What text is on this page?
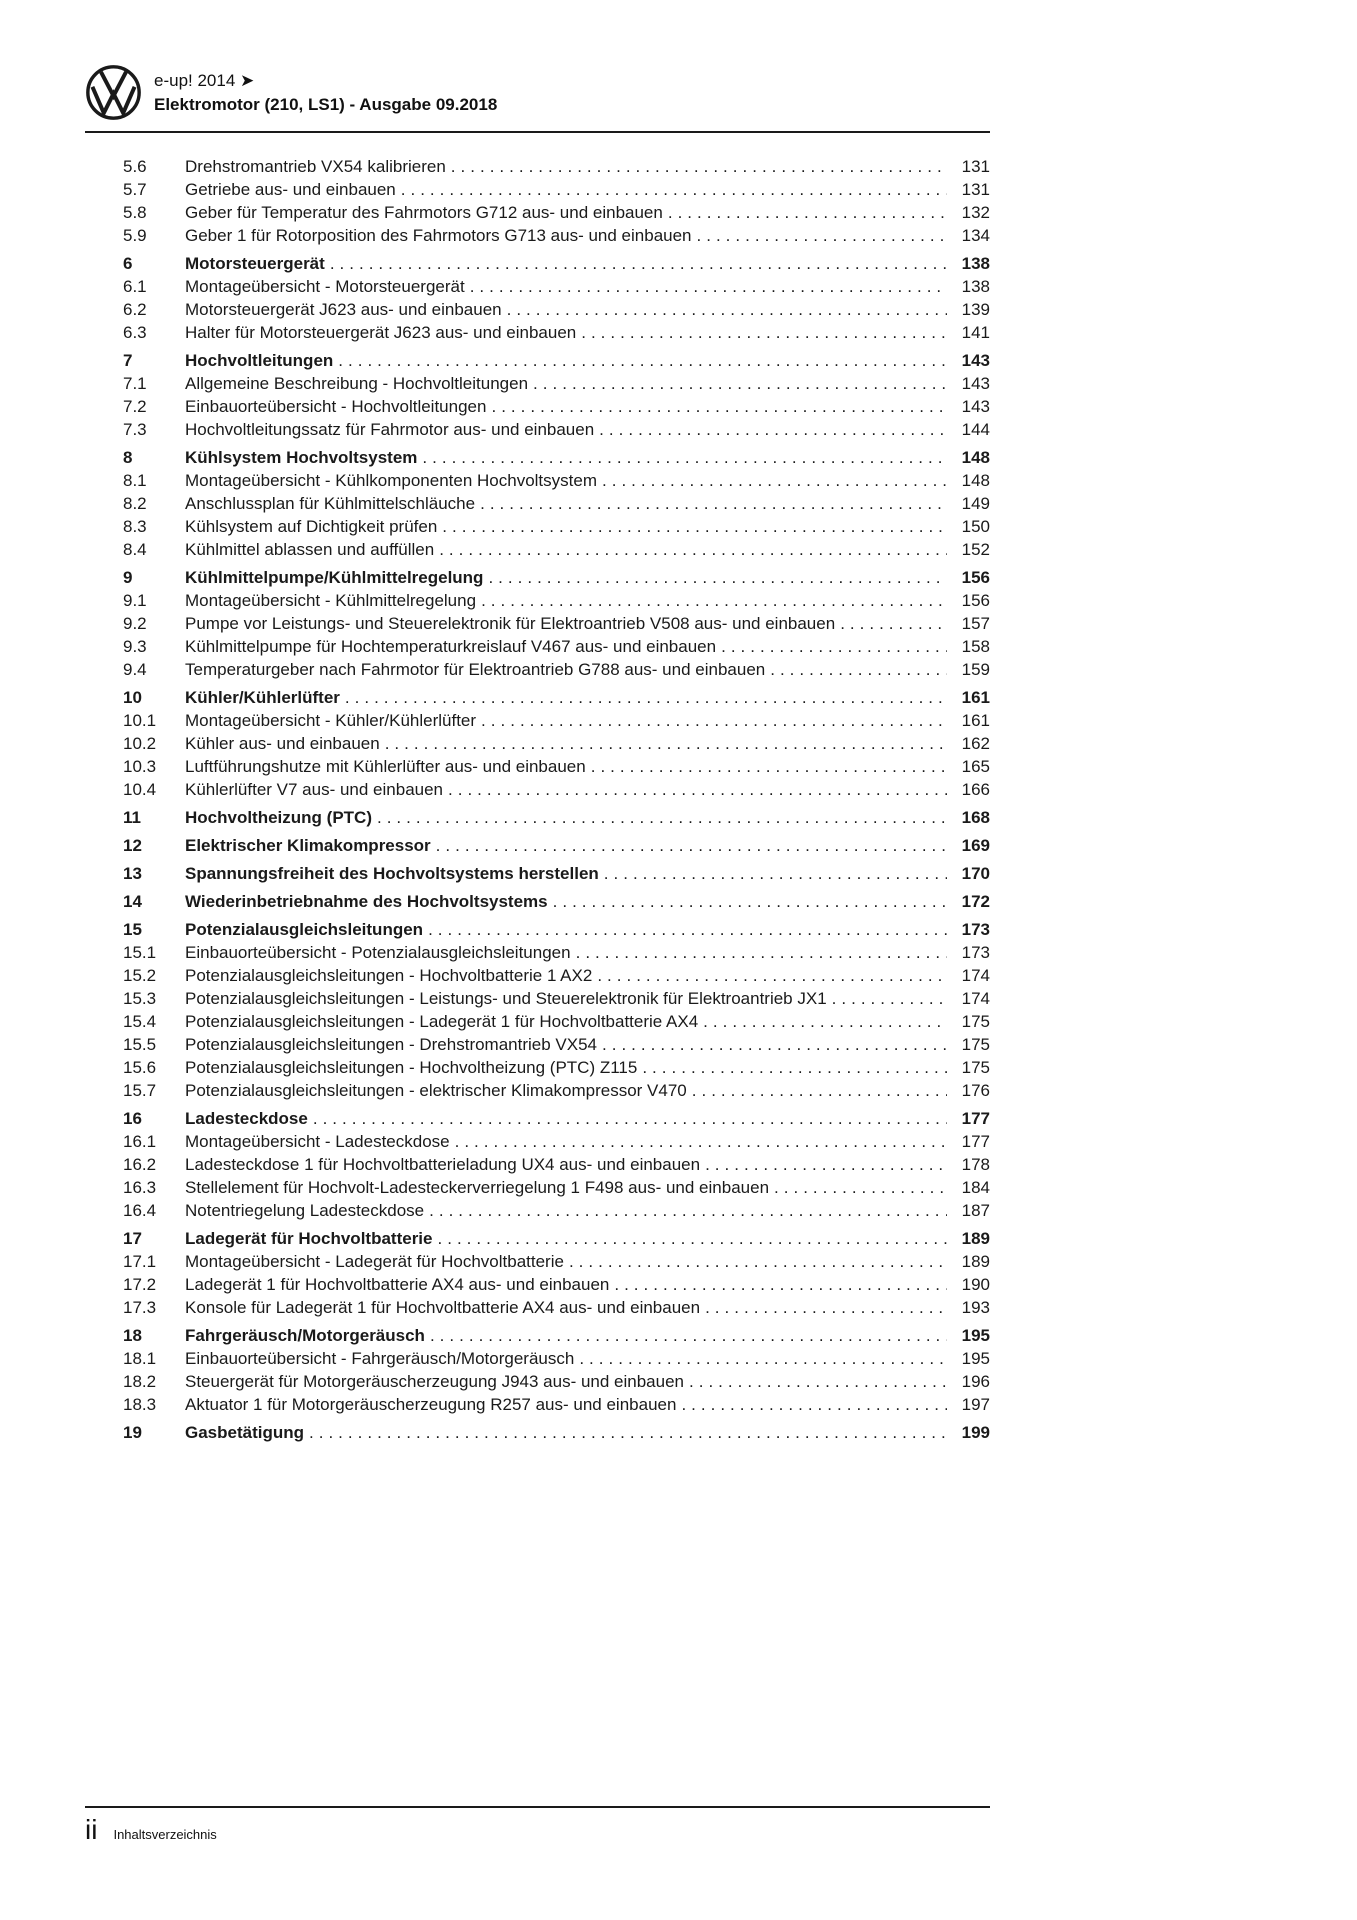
e-up! 2014 ➤
Elektromotor (210, LS1) - Ausgabe 09.2018
5.6	Drehstromantrieb VX54 kalibrieren .....	131
5.7	Getriebe aus- und einbauen .....	131
5.8	Geber für Temperatur des Fahrmotors G712 aus- und einbauen .....	132
5.9	Geber 1 für Rotorposition des Fahrmotors G713 aus- und einbauen .....	134
6	Motorsteuergerät .....	138
6.1	Montageübersicht - Motorsteuergerät .....	138
6.2	Motorsteuergerät J623 aus- und einbauen .....	139
6.3	Halter für Motorsteuergerät J623 aus- und einbauen .....	141
7	Hochvoltleitungen .....	143
7.1	Allgemeine Beschreibung - Hochvoltleitungen .....	143
7.2	Einbauorteübersicht - Hochvoltleitungen .....	143
7.3	Hochvoltleitungssatz für Fahrmotor aus- und einbauen .....	144
8	Kühlsystem Hochvoltsystem .....	148
8.1	Montageübersicht - Kühlkomponenten Hochvoltsystem .....	148
8.2	Anschlussplan für Kühlmittelschläuche .....	149
8.3	Kühlsystem auf Dichtigkeit prüfen .....	150
8.4	Kühlmittel ablassen und auffüllen .....	152
9	Kühlmittelpumpe/Kühlmittelregelung .....	156
9.1	Montageübersicht - Kühlmittelregelung .....	156
9.2	Pumpe vor Leistungs- und Steuerelektronik für Elektroantrieb V508 aus- und einbauen .....	157
9.3	Kühlmittelpumpe für Hochtemperaturkreislauf V467 aus- und einbauen .....	158
9.4	Temperaturgeber nach Fahrmotor für Elektroantrieb G788 aus- und einbauen .....	159
10	Kühler/Kühlerlüfter .....	161
10.1	Montageübersicht - Kühler/Kühlerlüfter .....	161
10.2	Kühler aus- und einbauen .....	162
10.3	Luftführungshutze mit Kühlerlüfter aus- und einbauen .....	165
10.4	Kühlerlüfter V7 aus- und einbauen .....	166
11	Hochvoltheizung (PTC) .....	168
12	Elektrischer Klimakompressor .....	169
13	Spannungsfreiheit des Hochvoltsystems herstellen .....	170
14	Wiederinbetriebnahme des Hochvoltsystems .....	172
15	Potenzialausgleichsleitungen .....	173
15.1	Einbauorteübersicht - Potenzialausgleichsleitungen .....	173
15.2	Potenzialausgleichsleitungen - Hochvoltbatterie 1 AX2 .....	174
15.3	Potenzialausgleichsleitungen - Leistungs- und Steuerelektronik für Elektroantrieb JX1 .....	174
15.4	Potenzialausgleichsleitungen - Ladegerät 1 für Hochvoltbatterie AX4 .....	175
15.5	Potenzialausgleichsleitungen - Drehstromantrieb VX54 .....	175
15.6	Potenzialausgleichsleitungen - Hochvoltheizung (PTC) Z115 .....	175
15.7	Potenzialausgleichsleitungen - elektrischer Klimakompressor V470 .....	176
16	Ladesteckdose .....	177
16.1	Montageübersicht - Ladesteckdose .....	177
16.2	Ladesteckdose 1 für Hochvoltbatterieladung UX4 aus- und einbauen .....	178
16.3	Stellelement für Hochvolt-Ladesteckerverriegelung 1 F498 aus- und einbauen .....	184
16.4	Notentriegelung Ladesteckdose .....	187
17	Ladegerät für Hochvoltbatterie .....	189
17.1	Montageübersicht - Ladegerät für Hochvoltbatterie .....	189
17.2	Ladegerät 1 für Hochvoltbatterie AX4 aus- und einbauen .....	190
17.3	Konsole für Ladegerät 1 für Hochvoltbatterie AX4 aus- und einbauen .....	193
18	Fahrgeräusch/Motorgeräusch .....	195
18.1	Einbauorteübersicht - Fahrgeräusch/Motorgeräusch .....	195
18.2	Steuergerät für Motorgeräuscherzeugung J943 aus- und einbauen .....	196
18.3	Aktuator 1 für Motorgeräuscherzeugung R257 aus- und einbauen .....	197
19	Gasbetätigung .....	199
ii Inhaltsverzeichnis
